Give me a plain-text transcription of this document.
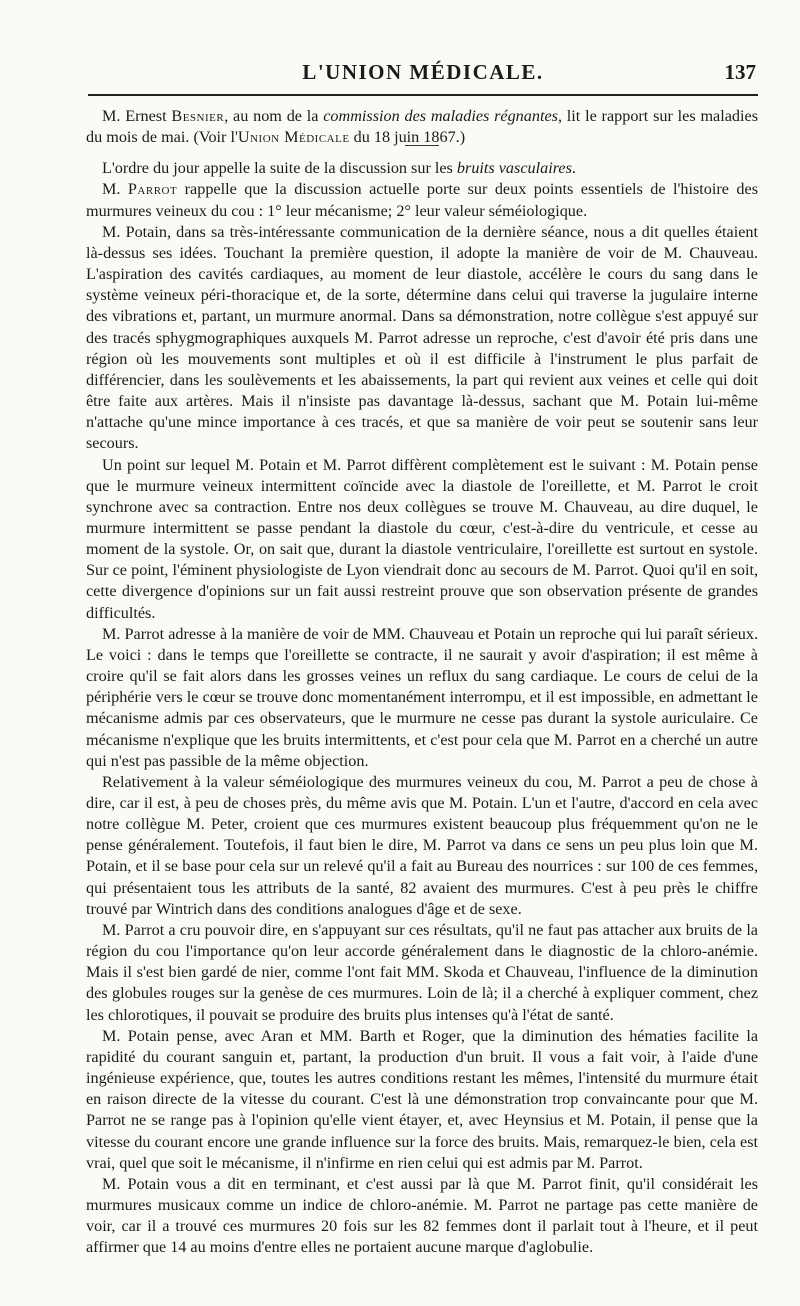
L'UNION MÉDICALE.	137

M. Ernest Besnier, au nom de la commission des maladies régnantes, lit le rapport sur les maladies du mois de mai. (Voir l'Union Médicale du 18 juin 1867.)

L'ordre du jour appelle la suite de la discussion sur les bruits vasculaires.

M. Parrot rappelle que la discussion actuelle porte sur deux points essentiels de l'histoire des murmures veineux du cou : 1° leur mécanisme; 2° leur valeur séméiologique.

M. Potain, dans sa très-intéressante communication de la dernière séance, nous a dit quelles étaient là-dessus ses idées. Touchant la première question, il adopte la manière de voir de M. Chauveau. L'aspiration des cavités cardiaques, au moment de leur diastole, accélère le cours du sang dans le système veineux péri-thoracique et, de la sorte, détermine dans celui qui traverse la jugulaire interne des vibrations et, partant, un murmure anormal. Dans sa démonstration, notre collègue s'est appuyé sur des tracés sphygmographiques auxquels M. Parrot adresse un reproche, c'est d'avoir été pris dans une région où les mouvements sont multiples et où il est difficile à l'instrument le plus parfait de différencier, dans les soulèvements et les abaissements, la part qui revient aux veines et celle qui doit être faite aux artères. Mais il n'insiste pas davantage là-dessus, sachant que M. Potain lui-même n'attache qu'une mince importance à ces tracés, et que sa manière de voir peut se soutenir sans leur secours.

Un point sur lequel M. Potain et M. Parrot diffèrent complètement est le suivant : M. Potain pense que le murmure veineux intermittent coïncide avec la diastole de l'oreillette, et M. Parrot le croit synchrone avec sa contraction. Entre nos deux collègues se trouve M. Chauveau, au dire duquel, le murmure intermittent se passe pendant la diastole du cœur, c'est-à-dire du ventricule, et cesse au moment de la systole. Or, on sait que, durant la diastole ventriculaire, l'oreillette est surtout en systole. Sur ce point, l'éminent physiologiste de Lyon viendrait donc au secours de M. Parrot. Quoi qu'il en soit, cette divergence d'opinions sur un fait aussi restreint prouve que son observation présente de grandes difficultés.

M. Parrot adresse à la manière de voir de MM. Chauveau et Potain un reproche qui lui paraît sérieux. Le voici : dans le temps que l'oreillette se contracte, il ne saurait y avoir d'aspiration; il est même à croire qu'il se fait alors dans les grosses veines un reflux du sang cardiaque. Le cours de celui de la périphérie vers le cœur se trouve donc momentanément interrompu, et il est impossible, en admettant le mécanisme admis par ces observateurs, que le murmure ne cesse pas durant la systole auriculaire. Ce mécanisme n'explique que les bruits intermittents, et c'est pour cela que M. Parrot en a cherché un autre qui n'est pas passible de la même objection.

Relativement à la valeur séméiologique des murmures veineux du cou, M. Parrot a peu de chose à dire, car il est, à peu de choses près, du même avis que M. Potain. L'un et l'autre, d'accord en cela avec notre collègue M. Peter, croient que ces murmures existent beaucoup plus fréquemment qu'on ne le pense généralement. Toutefois, il faut bien le dire, M. Parrot va dans ce sens un peu plus loin que M. Potain, et il se base pour cela sur un relevé qu'il a fait au Bureau des nourrices : sur 100 de ces femmes, qui présentaient tous les attributs de la santé, 82 avaient des murmures. C'est à peu près le chiffre trouvé par Wintrich dans des conditions analogues d'âge et de sexe.

M. Parrot a cru pouvoir dire, en s'appuyant sur ces résultats, qu'il ne faut pas attacher aux bruits de la région du cou l'importance qu'on leur accorde généralement dans le diagnostic de la chloro-anémie. Mais il s'est bien gardé de nier, comme l'ont fait MM. Skoda et Chauveau, l'influence de la diminution des globules rouges sur la genèse de ces murmures. Loin de là; il a cherché à expliquer comment, chez les chlorotiques, il pouvait se produire des bruits plus intenses qu'à l'état de santé.

M. Potain pense, avec Aran et MM. Barth et Roger, que la diminution des hématies facilite la rapidité du courant sanguin et, partant, la production d'un bruit. Il vous a fait voir, à l'aide d'une ingénieuse expérience, que, toutes les autres conditions restant les mêmes, l'intensité du murmure était en raison directe de la vitesse du courant. C'est là une démonstration trop convaincante pour que M. Parrot ne se range pas à l'opinion qu'elle vient étayer, et, avec Heynsius et M. Potain, il pense que la vitesse du courant encore une grande influence sur la force des bruits. Mais, remarquez-le bien, cela est vrai, quel que soit le mécanisme, il n'infirme en rien celui qui est admis par M. Parrot.

M. Potain vous a dit en terminant, et c'est aussi par là que M. Parrot finit, qu'il considérait les murmures musicaux comme un indice de chloro-anémie. M. Parrot ne partage pas cette manière de voir, car il a trouvé ces murmures 20 fois sur les 82 femmes dont il parlait tout à l'heure, et il peut affirmer que 14 au moins d'entre elles ne portaient aucune marque d'aglobulie.
